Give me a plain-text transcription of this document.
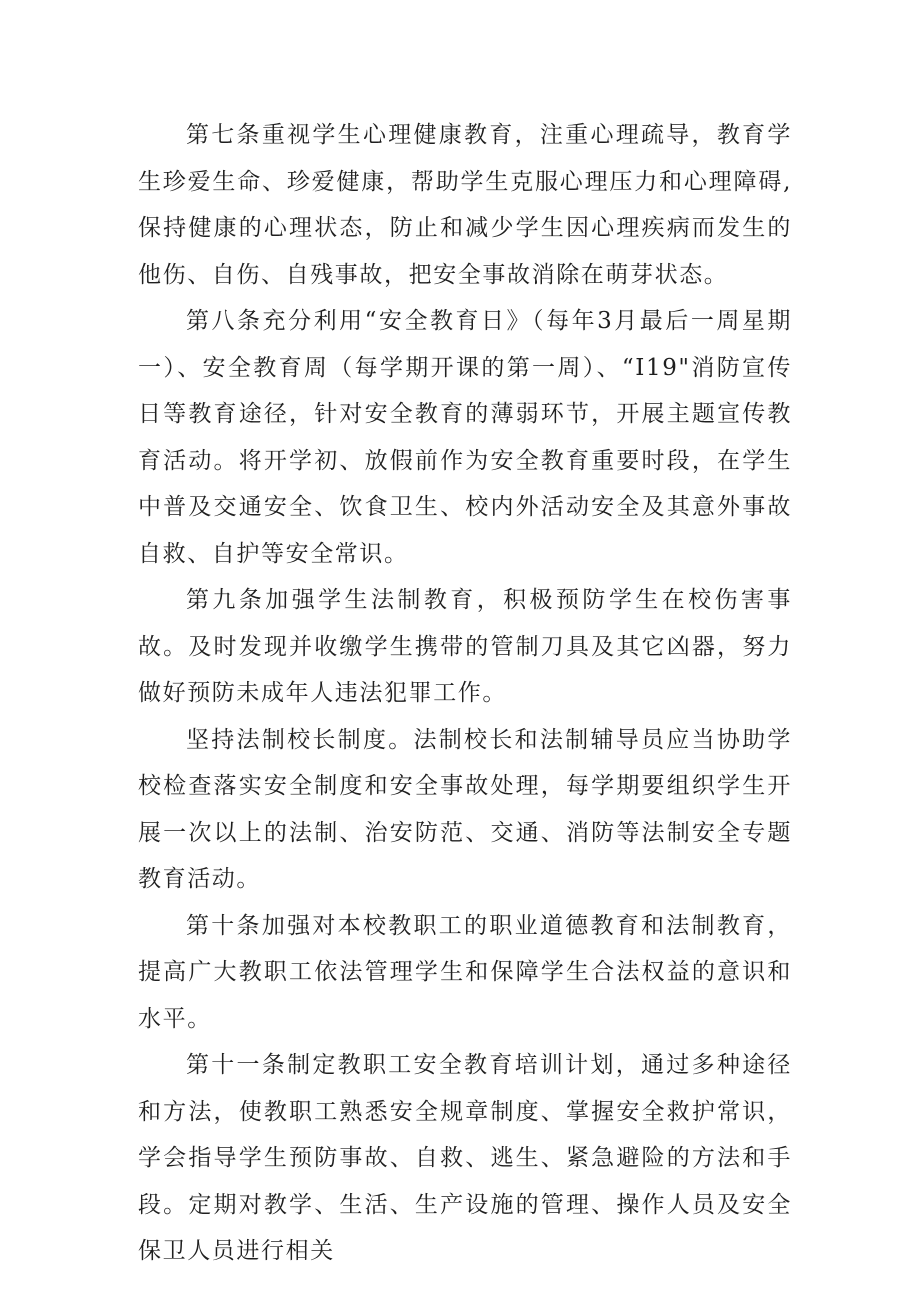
第七条重视学生心理健康教育，注重心理疏导，教育学生珍爱生命、珍爱健康，帮助学生克服心理压力和心理障碍,保持健康的心理状态，防止和减少学生因心理疾病而发生的他伤、自伤、自残事故，把安全事故消除在萌芽状态。

第八条充分利用“安全教育日》（每年3月最后一周星期一）、安全教育周（每学期开课的第一周）、“I19"消防宣传日等教育途径，针对安全教育的薄弱环节，开展主题宣传教育活动。将开学初、放假前作为安全教育重要时段，在学生中普及交通安全、饮食卫生、校内外活动安全及其意外事故自救、自护等安全常识。

第九条加强学生法制教育，积极预防学生在校伤害事故。及时发现并收缴学生携带的管制刀具及其它凶器，努力做好预防未成年人违法犯罪工作。

坚持法制校长制度。法制校长和法制辅导员应当协助学校检查落实安全制度和安全事故处理，每学期要组织学生开展一次以上的法制、治安防范、交通、消防等法制安全专题教育活动。

第十条加强对本校教职工的职业道德教育和法制教育，提高广大教职工依法管理学生和保障学生合法权益的意识和水平。

第十一条制定教职工安全教育培训计划，通过多种途径和方法，使教职工熟悉安全规章制度、掌握安全救护常识，学会指导学生预防事故、自救、逃生、紧急避险的方法和手段。定期对教学、生活、生产设施的管理、操作人员及安全保卫人员进行相关
